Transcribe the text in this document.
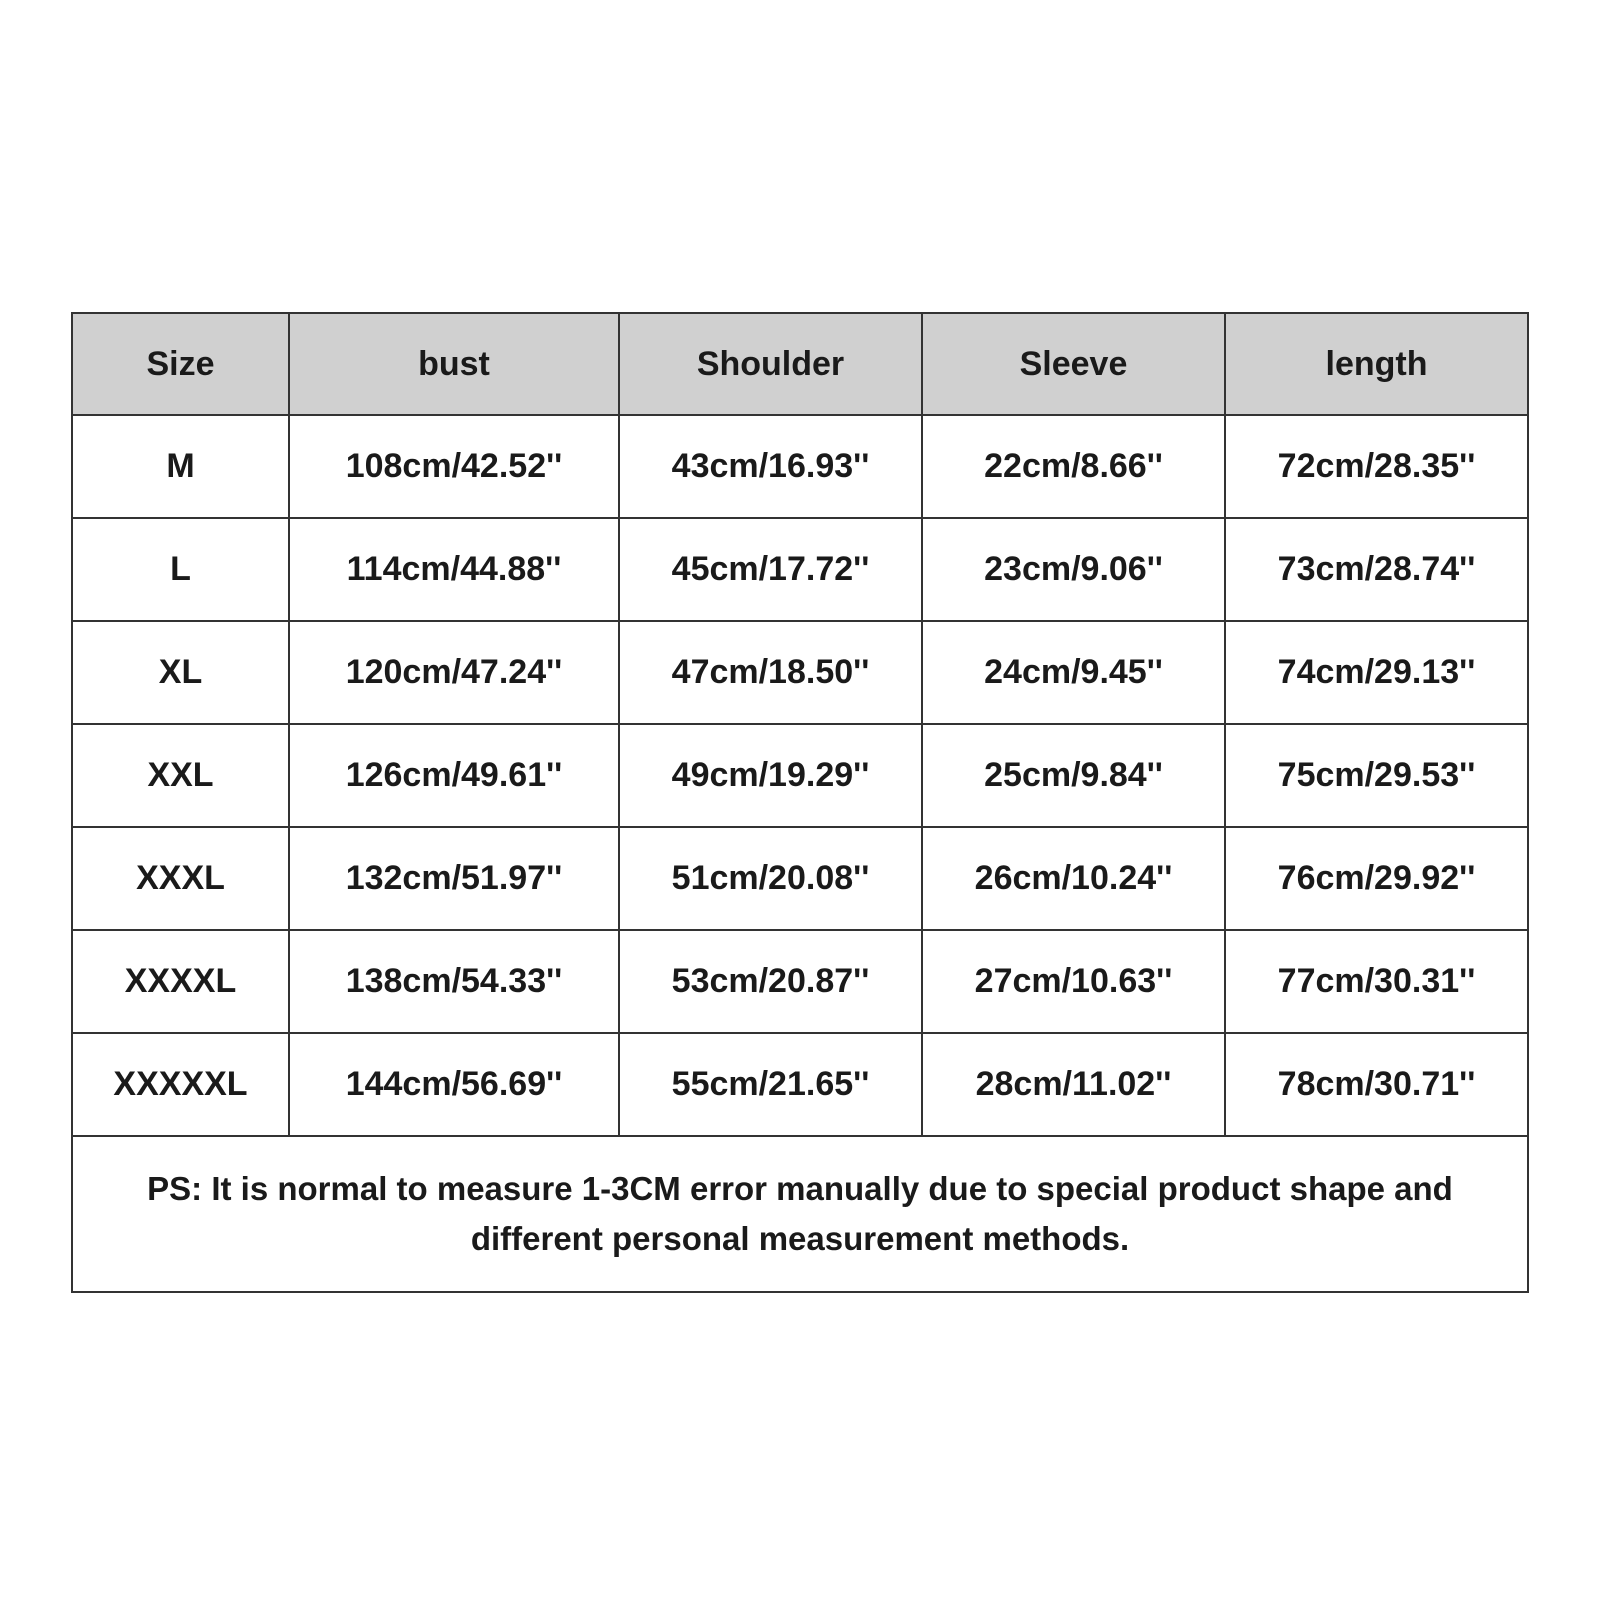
Size	bust	Shoulder	Sleeve	length
M	108cm/42.52''	43cm/16.93''	22cm/8.66''	72cm/28.35''
L	114cm/44.88''	45cm/17.72''	23cm/9.06''	73cm/28.74''
XL	120cm/47.24''	47cm/18.50''	24cm/9.45''	74cm/29.13''
XXL	126cm/49.61''	49cm/19.29''	25cm/9.84''	75cm/29.53''
XXXL	132cm/51.97''	51cm/20.08''	26cm/10.24''	76cm/29.92''
XXXXL	138cm/54.33''	53cm/20.87''	27cm/10.63''	77cm/30.31''
XXXXXL	144cm/56.69''	55cm/21.65''	28cm/11.02''	78cm/30.71''

PS: It is normal to measure 1-3CM error manually due to special product shape and
different personal measurement methods.				
